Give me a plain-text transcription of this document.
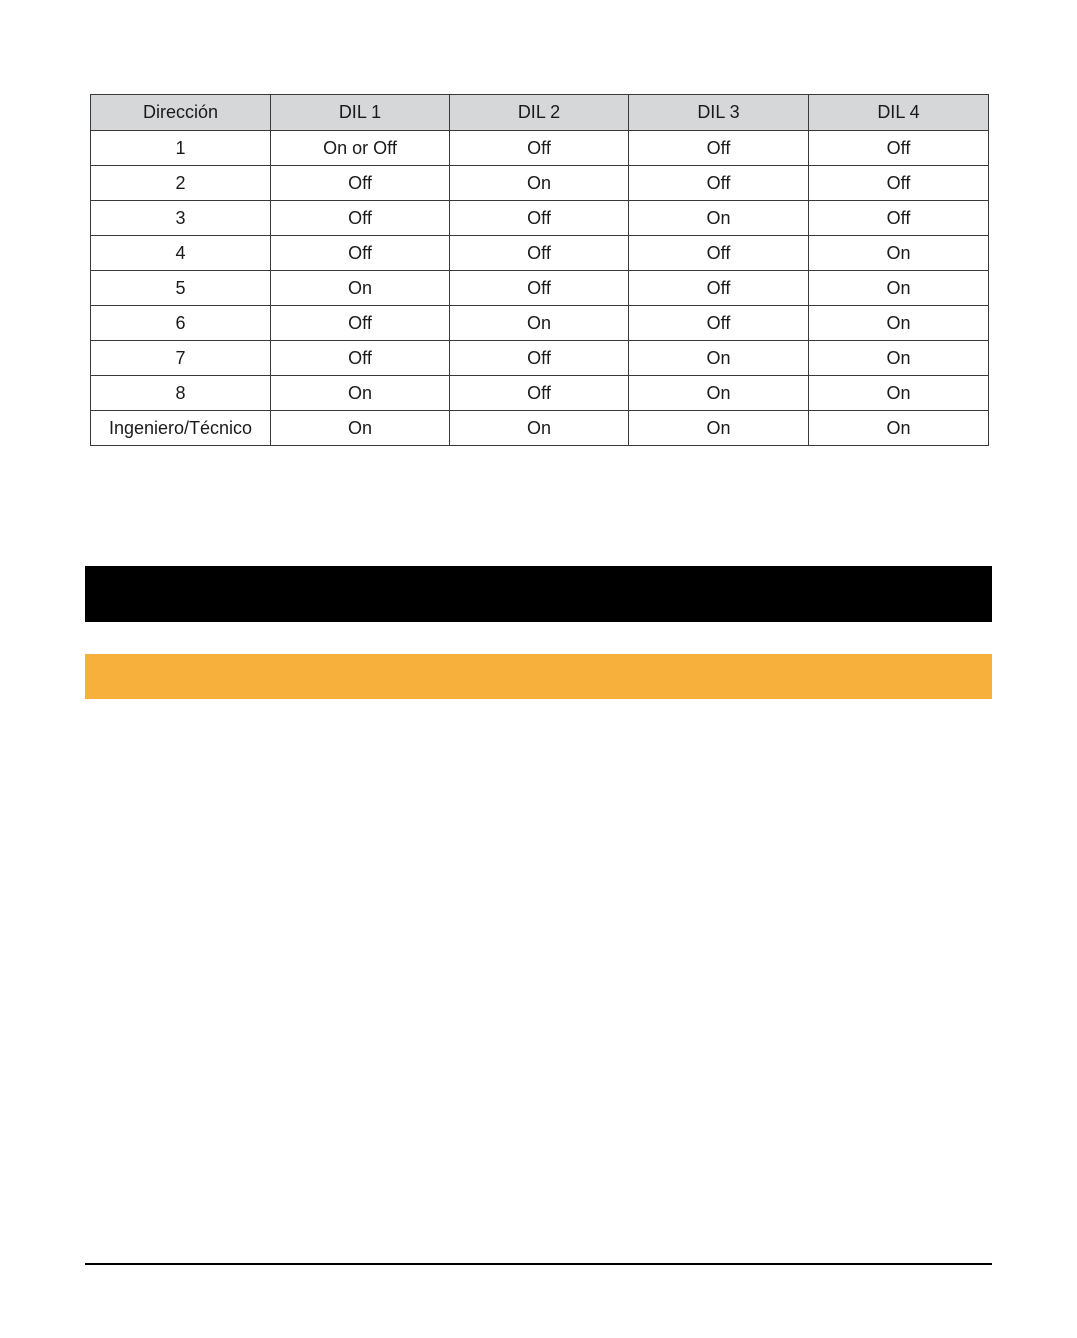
Dirección	DIL 1	DIL 2	DIL 3	DIL 4
1	On or Off	Off	Off	Off
2	Off	On	Off	Off
3	Off	Off	On	Off
4	Off	Off	Off	On
5	On	Off	Off	On
6	Off	On	Off	On
7	Off	Off	On	On
8	On	Off	On	On
Ingeniero/Técnico	On	On	On	On
